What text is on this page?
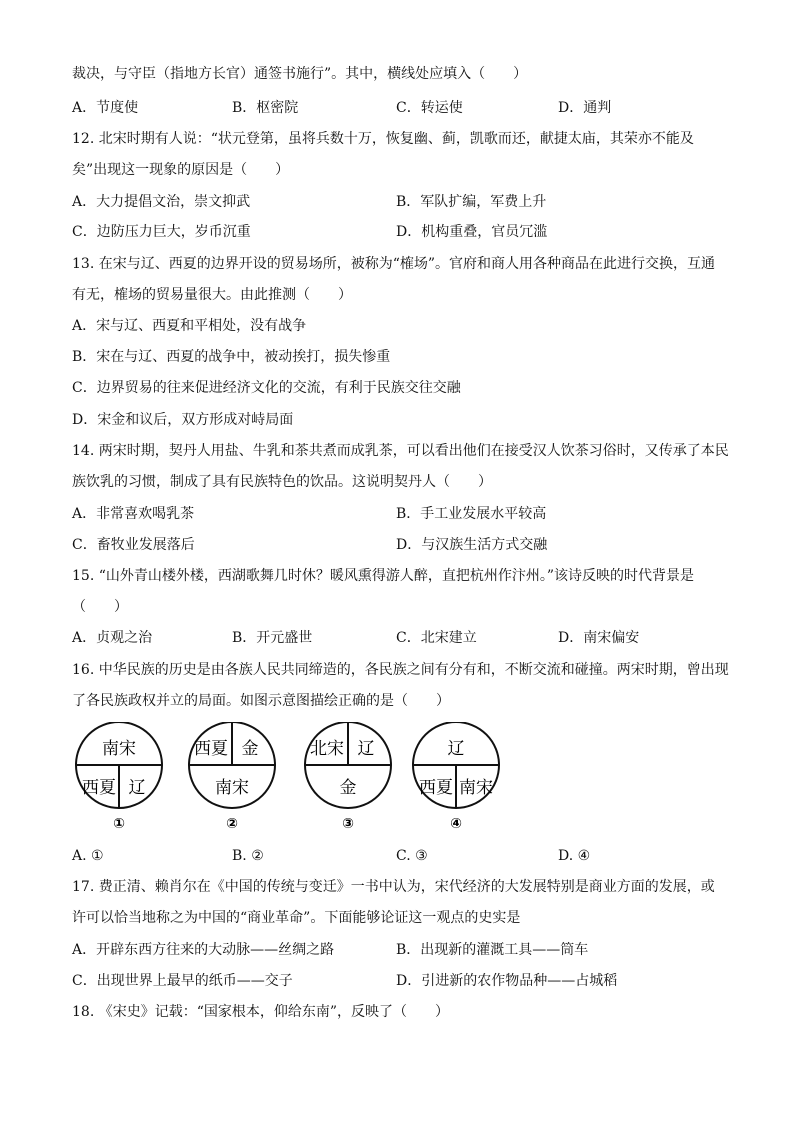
裁决，与守臣（指地方长官）通签书施行”。其中，横线处应填入（　　）
A．节度使	B．枢密院	C．转运使	D．通判
12. 北宋时期有人说：“状元登第，虽将兵数十万，恢复幽、蓟，凯歌而还，献捷太庙，其荣亦不能及
矣”出现这一现象的原因是（　　）
A．大力提倡文治，崇文抑武	B．军队扩编，军费上升
C．边防压力巨大，岁币沉重	D．机构重叠，官员冗滥
13. 在宋与辽、西夏的边界开设的贸易场所，被称为“榷场”。官府和商人用各种商品在此进行交换，互通
有无，榷场的贸易量很大。由此推测（　　）
A．宋与辽、西夏和平相处，没有战争
B．宋在与辽、西夏的战争中，被动挨打，损失惨重
C．边界贸易的往来促进经济文化的交流，有利于民族交往交融
D．宋金和议后，双方形成对峙局面
14. 两宋时期，契丹人用盐、牛乳和茶共煮而成乳茶，可以看出他们在接受汉人饮茶习俗时，又传承了本民
族饮乳的习惯，制成了具有民族特色的饮品。这说明契丹人（　　）
A．非常喜欢喝乳茶	B．手工业发展水平较高
C．畜牧业发展落后	D．与汉族生活方式交融
15. “山外青山楼外楼，西湖歌舞几时休？暖风熏得游人醉，直把杭州作汴州。”该诗反映的时代背景是
（　　）
A．贞观之治	B．开元盛世	C．北宋建立	D．南宋偏安
16. 中华民族的历史是由各族人民共同缔造的，各民族之间有分有和，不断交流和碰撞。两宋时期，曾出现
了各民族政权并立的局面。如图示意图描绘正确的是（　　）
南宋
西夏 辽
①
西夏 金
南宋
②
北宋 辽
金
③
辽
西夏 南宋
④
A. ①	B. ②	C. ③	D. ④
17. 费正清、赖肖尔在《中国的传统与变迁》一书中认为，宋代经济的大发展特别是商业方面的发展，或
许可以恰当地称之为中国的“商业革命”。下面能够论证这一观点的史实是
A．开辟东西方往来的大动脉——丝绸之路	B．出现新的灌溉工具——筒车
C．出现世界上最早的纸币——交子	D．引进新的农作物品种——占城稻
18. 《宋史》记载：“国家根本，仰给东南”，反映了（　　）
